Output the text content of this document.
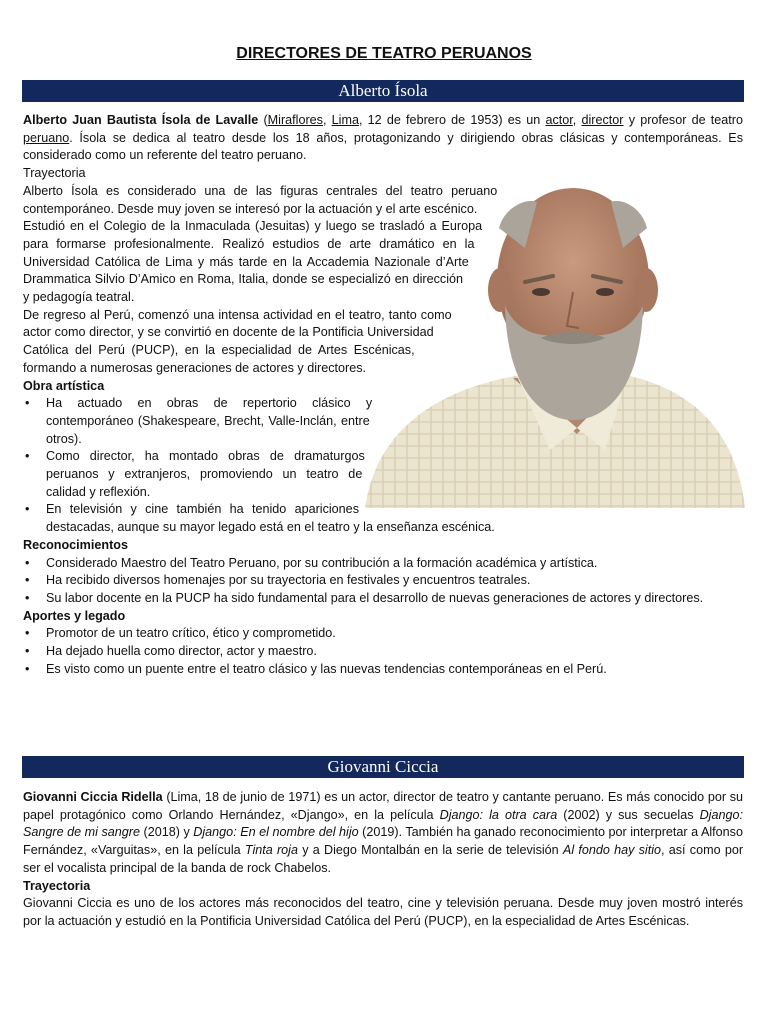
DIRECTORES DE TEATRO PERUANOS
Alberto Ísola

Alberto Juan Bautista Ísola de Lavalle (Miraflores, Lima, 12 de febrero de 1953) es un actor, director y profesor de teatro peruano. Ísola se dedica al teatro desde los 18 años, protagonizando y dirigiendo obras clásicas y contemporáneas. Es considerado como un referente del teatro peruano.

Trayectoria

Alberto Ísola es considerado una de las figuras centrales del teatro peruano contemporáneo. Desde muy joven se interesó por la actuación y el arte escénico.

Estudió en el Colegio de la Inmaculada (Jesuitas) y luego se trasladó a Europa para formarse profesionalmente. Realizó estudios de arte dramático en la Universidad Católica de Lima y más tarde en la Accademia Nazionale d’Arte Drammatica Silvio D’Amico en Roma, Italia, donde se especializó en dirección y pedagogía teatral.

De regreso al Perú, comenzó una intensa actividad en el teatro, tanto como actor como director, y se convirtió en docente de la Pontificia Universidad Católica del Perú (PUCP), en la especialidad de Artes Escénicas, formando a numerosas generaciones de actores y directores.

Obra artística

• Ha actuado en obras de repertorio clásico y contemporáneo (Shakespeare, Brecht, Valle-Inclán, entre otros).
• Como director, ha montado obras de dramaturgos peruanos y extranjeros, promoviendo un teatro de calidad y reflexión.
• En televisión y cine también ha tenido apariciones destacadas, aunque su mayor legado está en el teatro y la enseñanza escénica.

Reconocimientos

• Considerado Maestro del Teatro Peruano, por su contribución a la formación académica y artística.
• Ha recibido diversos homenajes por su trayectoria en festivales y encuentros teatrales.
• Su labor docente en la PUCP ha sido fundamental para el desarrollo de nuevas generaciones de actores y directores.

Aportes y legado

• Promotor de un teatro crítico, ético y comprometido.
• Ha dejado huella como director, actor y maestro.
• Es visto como un puente entre el teatro clásico y las nuevas tendencias contemporáneas en el Perú.
Giovanni Ciccia

Giovanni Ciccia Ridella (Lima, 18 de junio de 1971) es un actor, director de teatro y cantante peruano. Es más conocido por su papel protagónico como Orlando Hernández, «Django», en la película Django: la otra cara (2002) y sus secuelas Django: Sangre de mi sangre (2018) y Django: En el nombre del hijo (2019). También ha ganado reconocimiento por interpretar a Alfonso Fernández, «Varguitas», en la película Tinta roja y a Diego Montalbán en la serie de televisión Al fondo hay sitio, así como por ser el vocalista principal de la banda de rock Chabelos.

Trayectoria

Giovanni Ciccia es uno de los actores más reconocidos del teatro, cine y televisión peruana. Desde muy joven mostró interés por la actuación y estudió en la Pontificia Universidad Católica del Perú (PUCP), en la especialidad de Artes Escénicas.
